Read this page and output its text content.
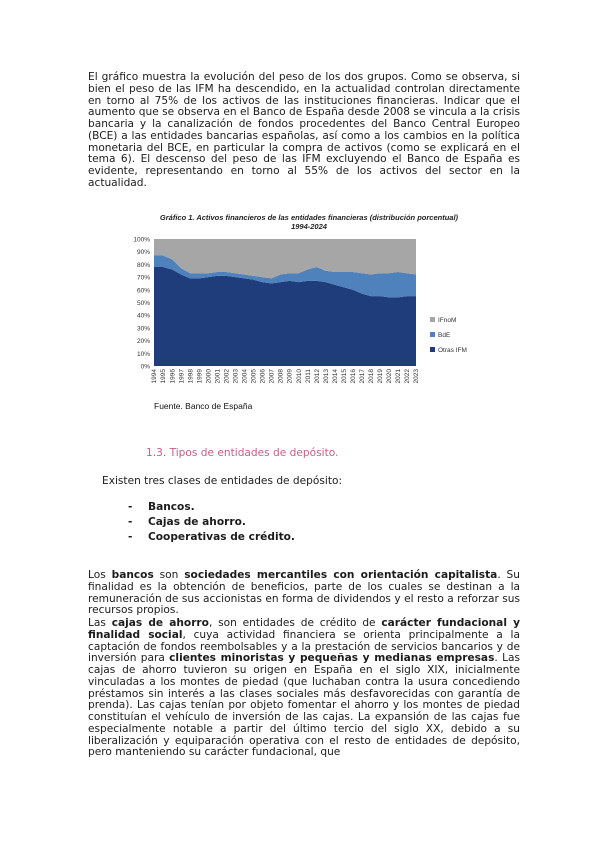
El gráfico muestra la evolución del peso de los dos grupos. Como se observa, si bien el peso de las IFM ha descendido, en la actualidad controlan directamente en torno al 75% de los activos de las instituciones financieras. Indicar que el aumento que se observa en el Banco de España desde 2008 se vincula a la crisis bancaria y la canalización de fondos procedentes del Banco Central Europeo (BCE) a las entidades bancarias españolas, así como a los cambios en la política monetaria del BCE, en particular la compra de activos (como se explicará en el tema 6). El descenso del peso de las IFM excluyendo el Banco de España es evidente, representando en torno al 55% de los activos del sector en la actualidad.

Gráfico 1. Activos financieros de las entidades financieras (distribución porcentual)
1994-2024
0%
10%
20%
30%
40%
50%
60%
70%
80%
90%
100%
1994 1995 1996 1997 1998 1999 2000 2001 2002 2003 2004 2005 2006 2007 2008 2009 2010 2011 2012 2013 2014 2015 2016 2017 2018 2019 2020 2021 2022 2023
IFnoM
BdE
Otras IFM
Fuente. Banco de España

1.3. Tipos de entidades de depósito.

Existen tres clases de entidades de depósito:

- Bancos.
- Cajas de ahorro.
- Cooperativas de crédito.

Los bancos son sociedades mercantiles con orientación capitalista. Su finalidad es la obtención de beneficios, parte de los cuales se destinan a la remuneración de sus accionistas en forma de dividendos y el resto a reforzar sus recursos propios.

Las cajas de ahorro, son entidades de crédito de carácter fundacional y finalidad social, cuya actividad financiera se orienta principalmente a la captación de fondos reembolsables y a la prestación de servicios bancarios y de inversión para clientes minoristas y pequeñas y medianas empresas. Las cajas de ahorro tuvieron su origen en España en el siglo XIX, inicialmente vinculadas a los montes de piedad (que luchaban contra la usura concediendo préstamos sin interés a las clases sociales más desfavorecidas con garantía de prenda). Las cajas tenían por objeto fomentar el ahorro y los montes de piedad constituían el vehículo de inversión de las cajas. La expansión de las cajas fue especialmente notable a partir del último tercio del siglo XX, debido a su liberalización y equiparación operativa con el resto de entidades de depósito, pero manteniendo su carácter fundacional, que
